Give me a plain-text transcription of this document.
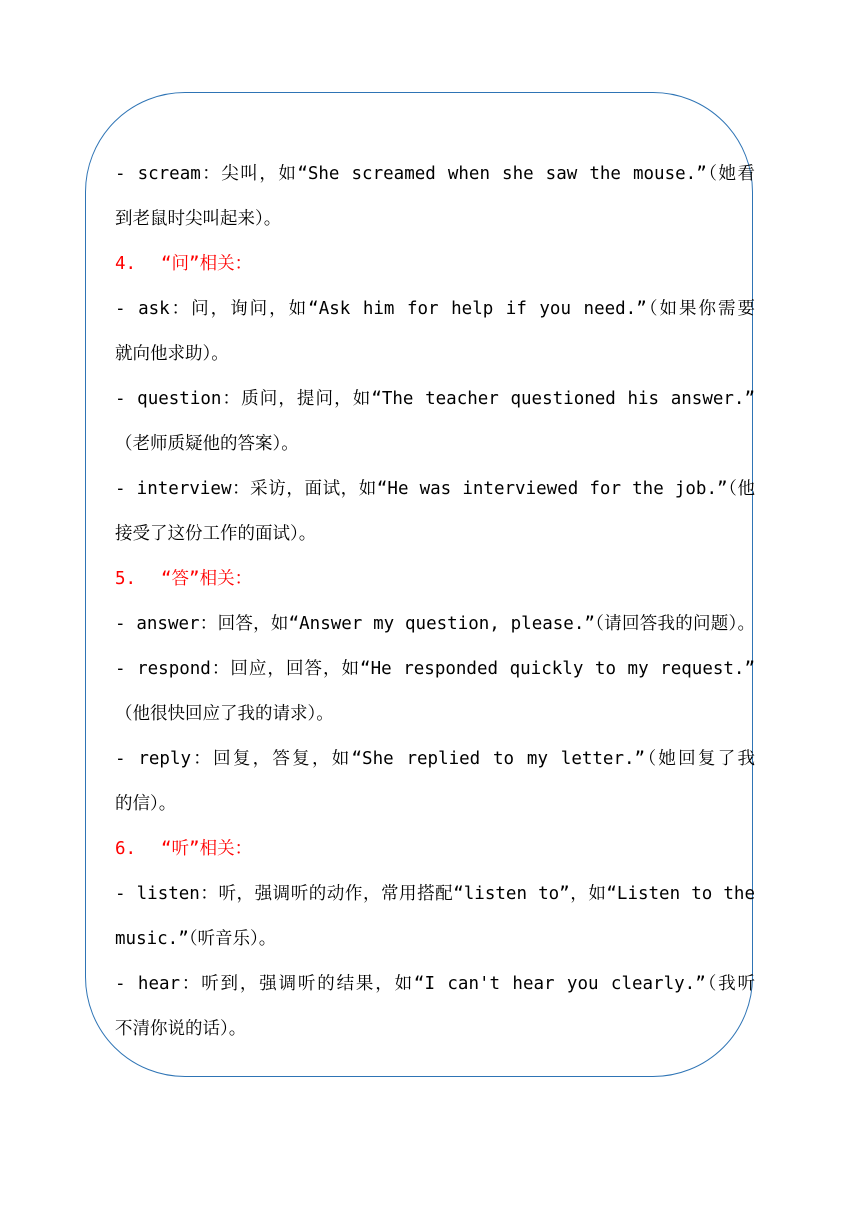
- scream：尖叫，如“She screamed when she saw the mouse.”（她看
到老鼠时尖叫起来）。
4. “问”相关：
- ask：问，询问，如“Ask him for help if you need.”（如果你需要
就向他求助）。
- question：质问，提问，如“The teacher questioned his answer.”
（老师质疑他的答案）。
- interview：采访，面试，如“He was interviewed for the job.”（他
接受了这份工作的面试）。
5. “答”相关：
- answer：回答，如“Answer my question, please.”（请回答我的问题）。
- respond：回应，回答，如“He responded quickly to my request.”
（他很快回应了我的请求）。
- reply：回复，答复，如“She replied to my letter.”（她回复了我
的信）。
6. “听”相关：
- listen：听，强调听的动作，常用搭配“listen to”，如“Listen to the
music.”（听音乐）。
- hear：听到，强调听的结果，如“I can't hear you clearly.”（我听
不清你说的话）。
